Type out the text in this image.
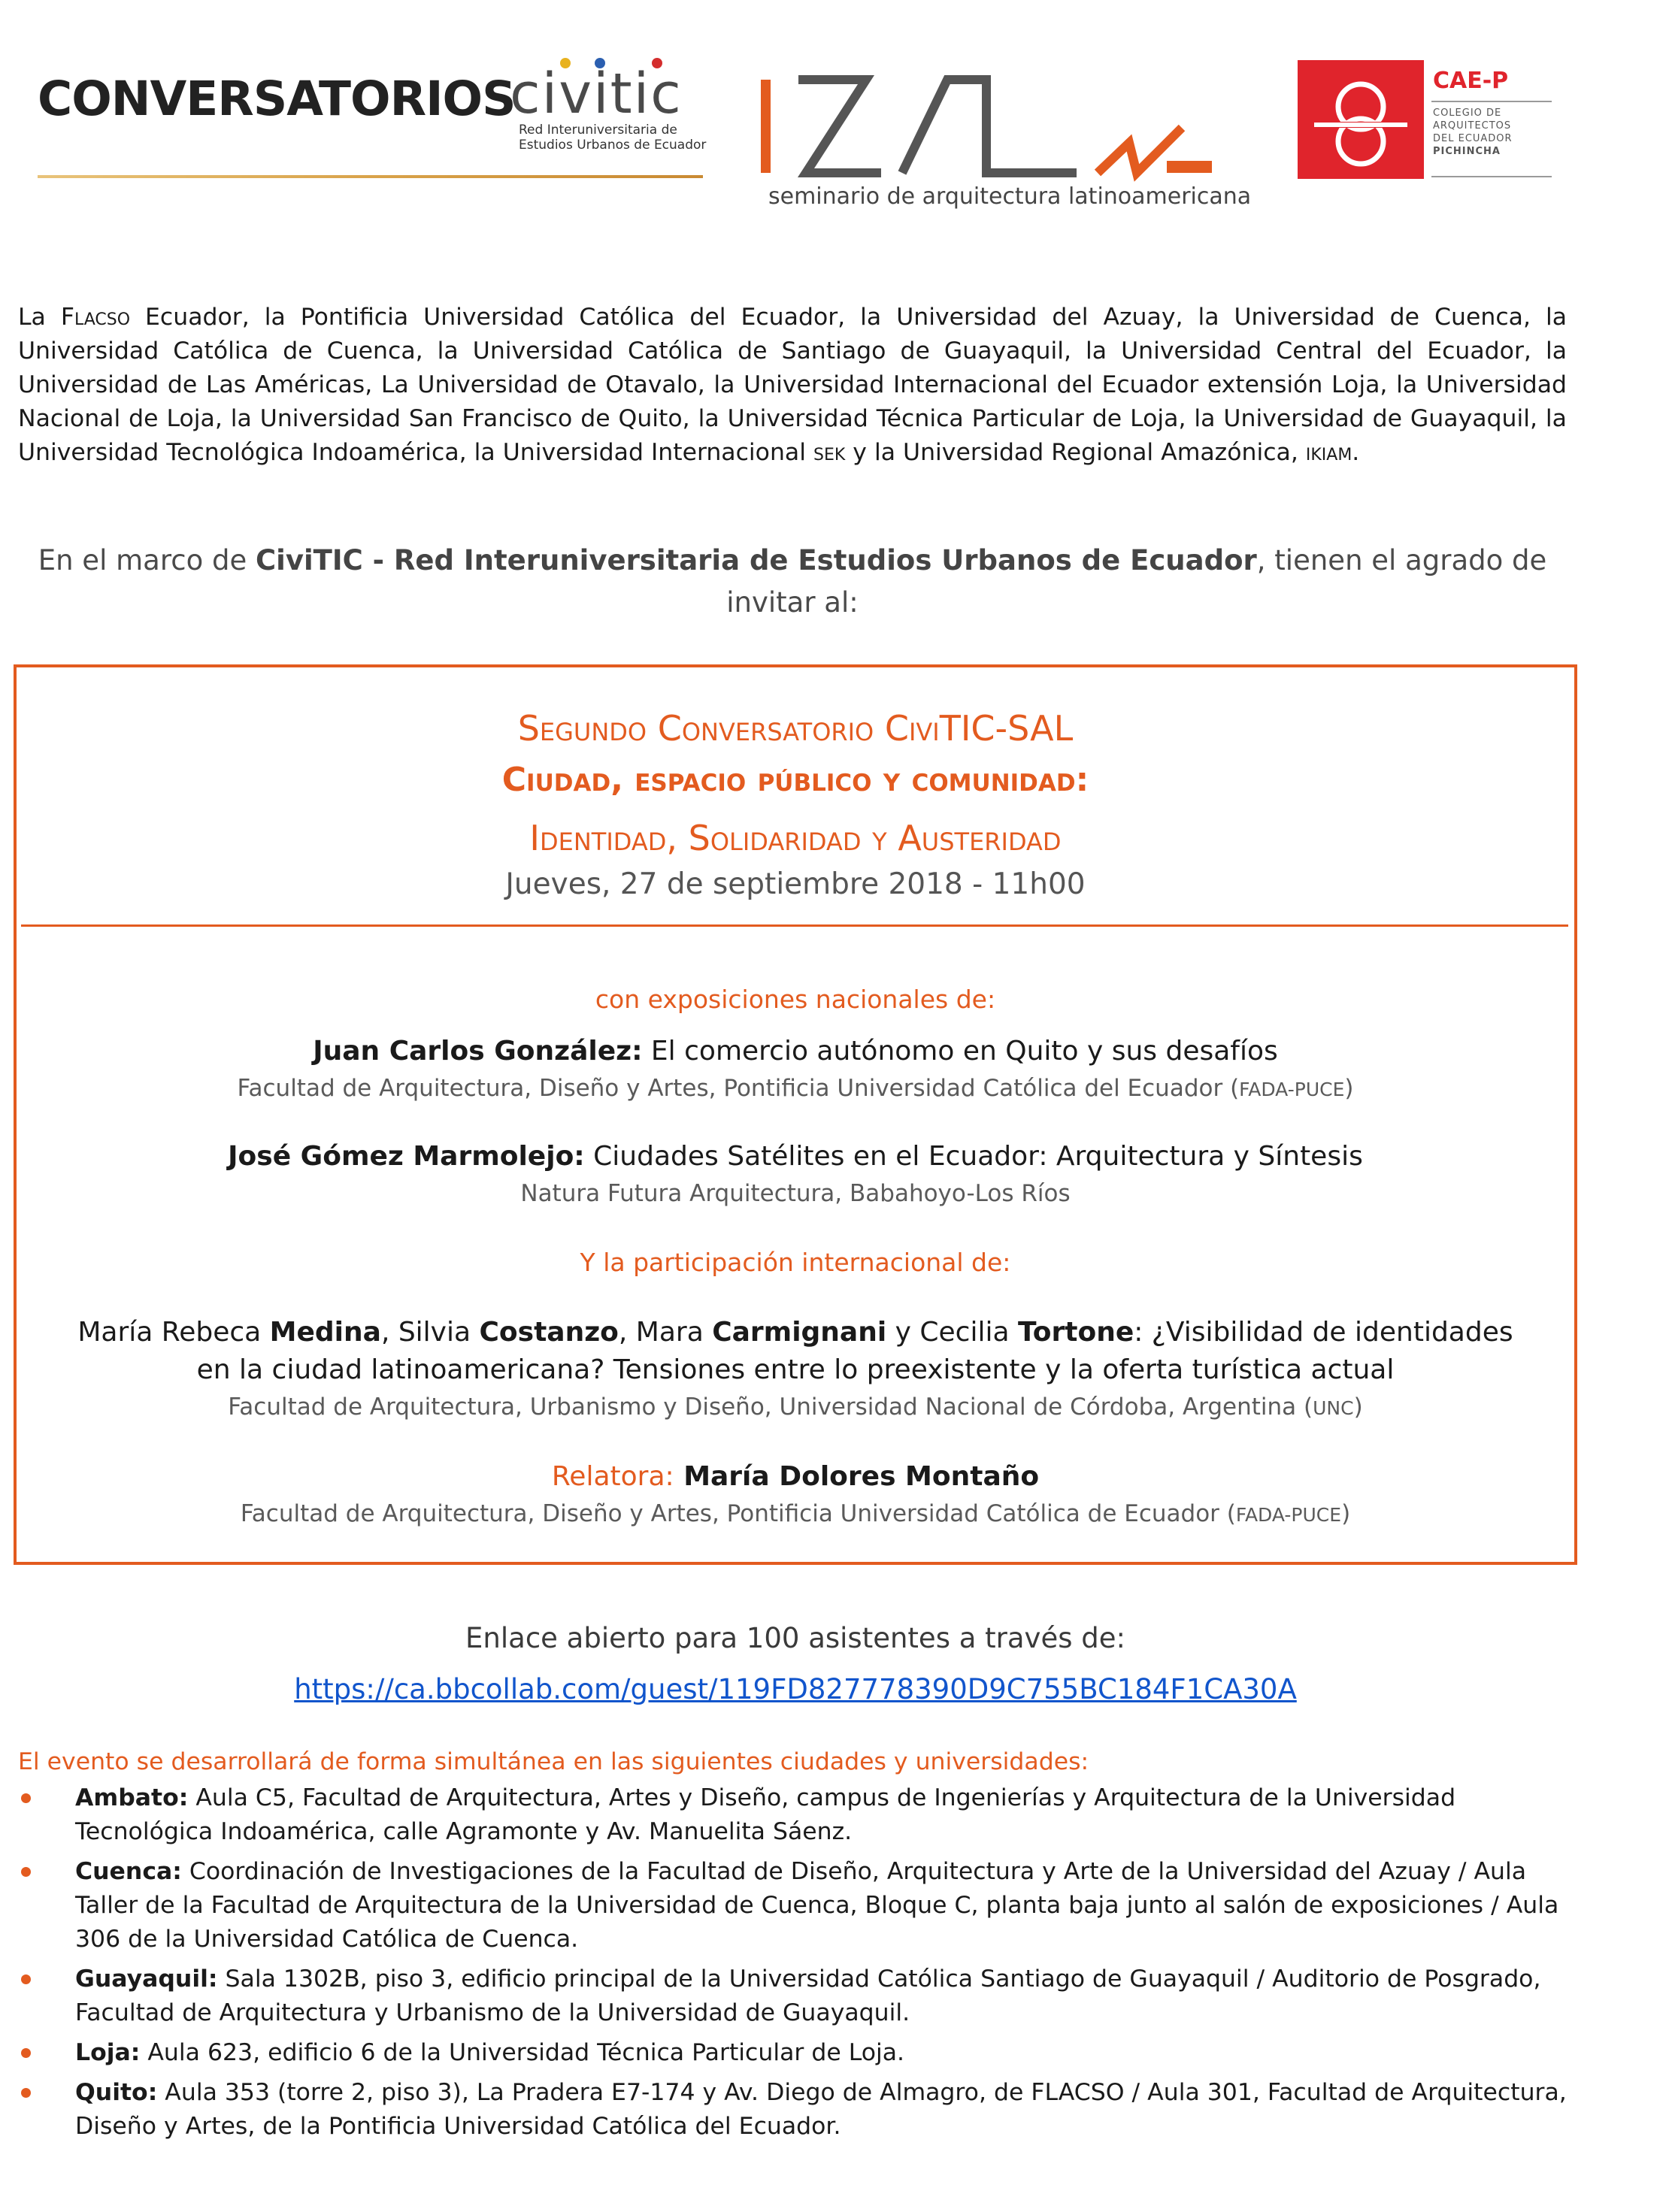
CONVERSATORIOS
civitic
Red Interuniversitaria de
Estudios Urbanos de Ecuador
seminario de arquitectura latinoamericana
CAE-P
COLEGIO DE
ARQUITECTOS
DEL ECUADOR
PICHINCHA
La Flacso Ecuador, la Pontificia Universidad Católica del Ecuador, la Universidad del Azuay, la Universidad de Cuenca, la Universidad Católica de Cuenca, la Universidad Católica de Santiago de Guayaquil, la Universidad Central del Ecuador, la Universidad de Las Américas, La Universidad de Otavalo, la Universidad Internacional del Ecuador extensión Loja, la Universidad Nacional de Loja, la Universidad San Francisco de Quito, la Universidad Técnica Particular de Loja, la Universidad de Guayaquil, la Universidad Tecnológica Indoamérica, la Universidad Internacional sek y la Universidad Regional Amazónica, ikiam.
En el marco de CiviTIC - Red Interuniversitaria de Estudios Urbanos de Ecuador, tienen el agrado de invitar al:
Segundo Conversatorio CiviTIC-SAL
Ciudad, espacio público y comunidad:
Identidad, Solidaridad y Austeridad
Jueves, 27 de septiembre 2018 - 11h00
con exposiciones nacionales de:
Juan Carlos González: El comercio autónomo en Quito y sus desafíos
Facultad de Arquitectura, Diseño y Artes, Pontificia Universidad Católica del Ecuador (FADA-PUCE)
José Gómez Marmolejo: Ciudades Satélites en el Ecuador: Arquitectura y Síntesis
Natura Futura Arquitectura, Babahoyo-Los Ríos
Y la participación internacional de:
María Rebeca Medina, Silvia Costanzo, Mara Carmignani y Cecilia Tortone: ¿Visibilidad de identidades
en la ciudad latinoamericana? Tensiones entre lo preexistente y la oferta turística actual
Facultad de Arquitectura, Urbanismo y Diseño, Universidad Nacional de Córdoba, Argentina (UNC)
Relatora: María Dolores Montaño
Facultad de Arquitectura, Diseño y Artes, Pontificia Universidad Católica de Ecuador (FADA-PUCE)
Enlace abierto para 100 asistentes a través de:
https://ca.bbcollab.com/guest/119FD827778390D9C755BC184F1CA30A
El evento se desarrollará de forma simultánea en las siguientes ciudades y universidades:
Ambato: Aula C5, Facultad de Arquitectura, Artes y Diseño, campus de Ingenierías y Arquitectura de la Universidad Tecnológica Indoamérica, calle Agramonte y Av. Manuelita Sáenz.
Cuenca: Coordinación de Investigaciones de la Facultad de Diseño, Arquitectura y Arte de la Universidad del Azuay / Aula Taller de la Facultad de Arquitectura de la Universidad de Cuenca, Bloque C, planta baja junto al salón de exposiciones / Aula 306 de la Universidad Católica de Cuenca.
Guayaquil: Sala 1302B, piso 3, edificio principal de la Universidad Católica Santiago de Guayaquil / Auditorio de Posgrado, Facultad de Arquitectura y Urbanismo de la Universidad de Guayaquil.
Loja: Aula 623, edificio 6 de la Universidad Técnica Particular de Loja.
Quito: Aula 353 (torre 2, piso 3), La Pradera E7-174 y Av. Diego de Almagro, de FLACSO / Aula 301, Facultad de Arquitectura, Diseño y Artes, de la Pontificia Universidad Católica del Ecuador.
